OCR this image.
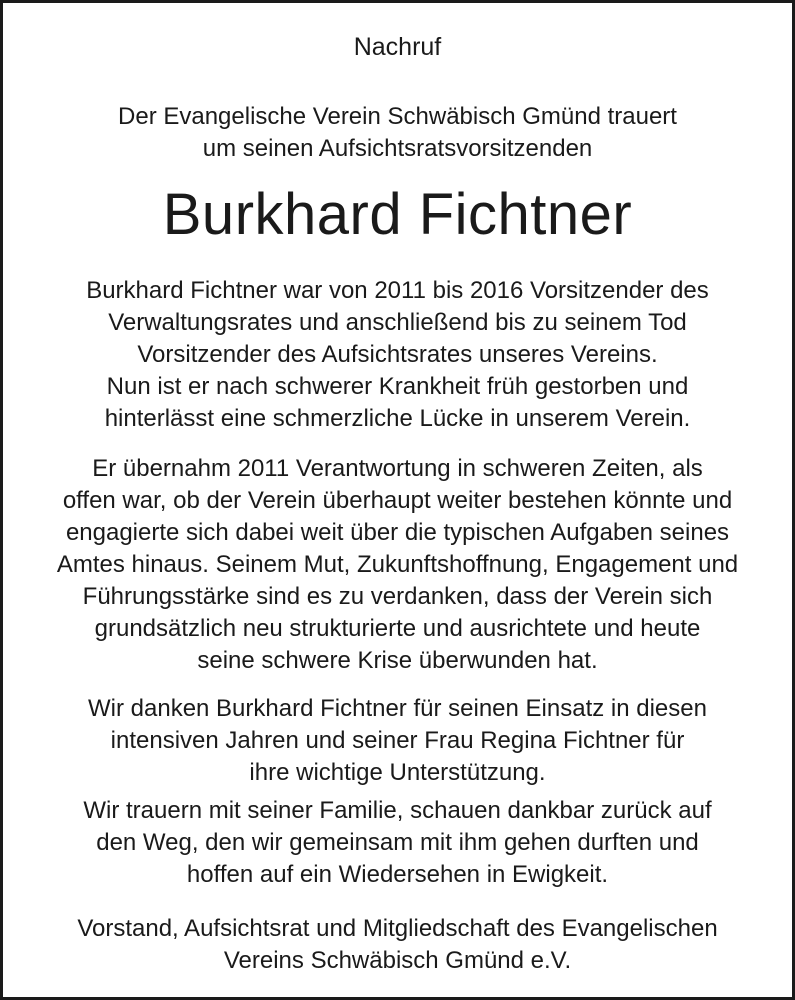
Nachruf
Der Evangelische Verein Schwäbisch Gmünd trauert
um seinen Aufsichtsratsvorsitzenden
Burkhard Fichtner
Burkhard Fichtner war von 2011 bis 2016 Vorsitzender des
Verwaltungsrates und anschließend bis zu seinem Tod
Vorsitzender des Aufsichtsrates unseres Vereins.
Nun ist er nach schwerer Krankheit früh gestorben und
hinterlässt eine schmerzliche Lücke in unserem Verein.
Er übernahm 2011 Verantwortung in schweren Zeiten, als
offen war, ob der Verein überhaupt weiter bestehen könnte und
engagierte sich dabei weit über die typischen Aufgaben seines
Amtes hinaus. Seinem Mut, Zukunftshoffnung, Engagement und
Führungsstärke sind es zu verdanken, dass der Verein sich
grundsätzlich neu strukturierte und ausrichtete und heute
seine schwere Krise überwunden hat.
Wir danken Burkhard Fichtner für seinen Einsatz in diesen
intensiven Jahren und seiner Frau Regina Fichtner für
ihre wichtige Unterstützung.
Wir trauern mit seiner Familie, schauen dankbar zurück auf
den Weg, den wir gemeinsam mit ihm gehen durften und
hoffen auf ein Wiedersehen in Ewigkeit.
Vorstand, Aufsichtsrat und Mitgliedschaft des Evangelischen
Vereins Schwäbisch Gmünd e.V.
